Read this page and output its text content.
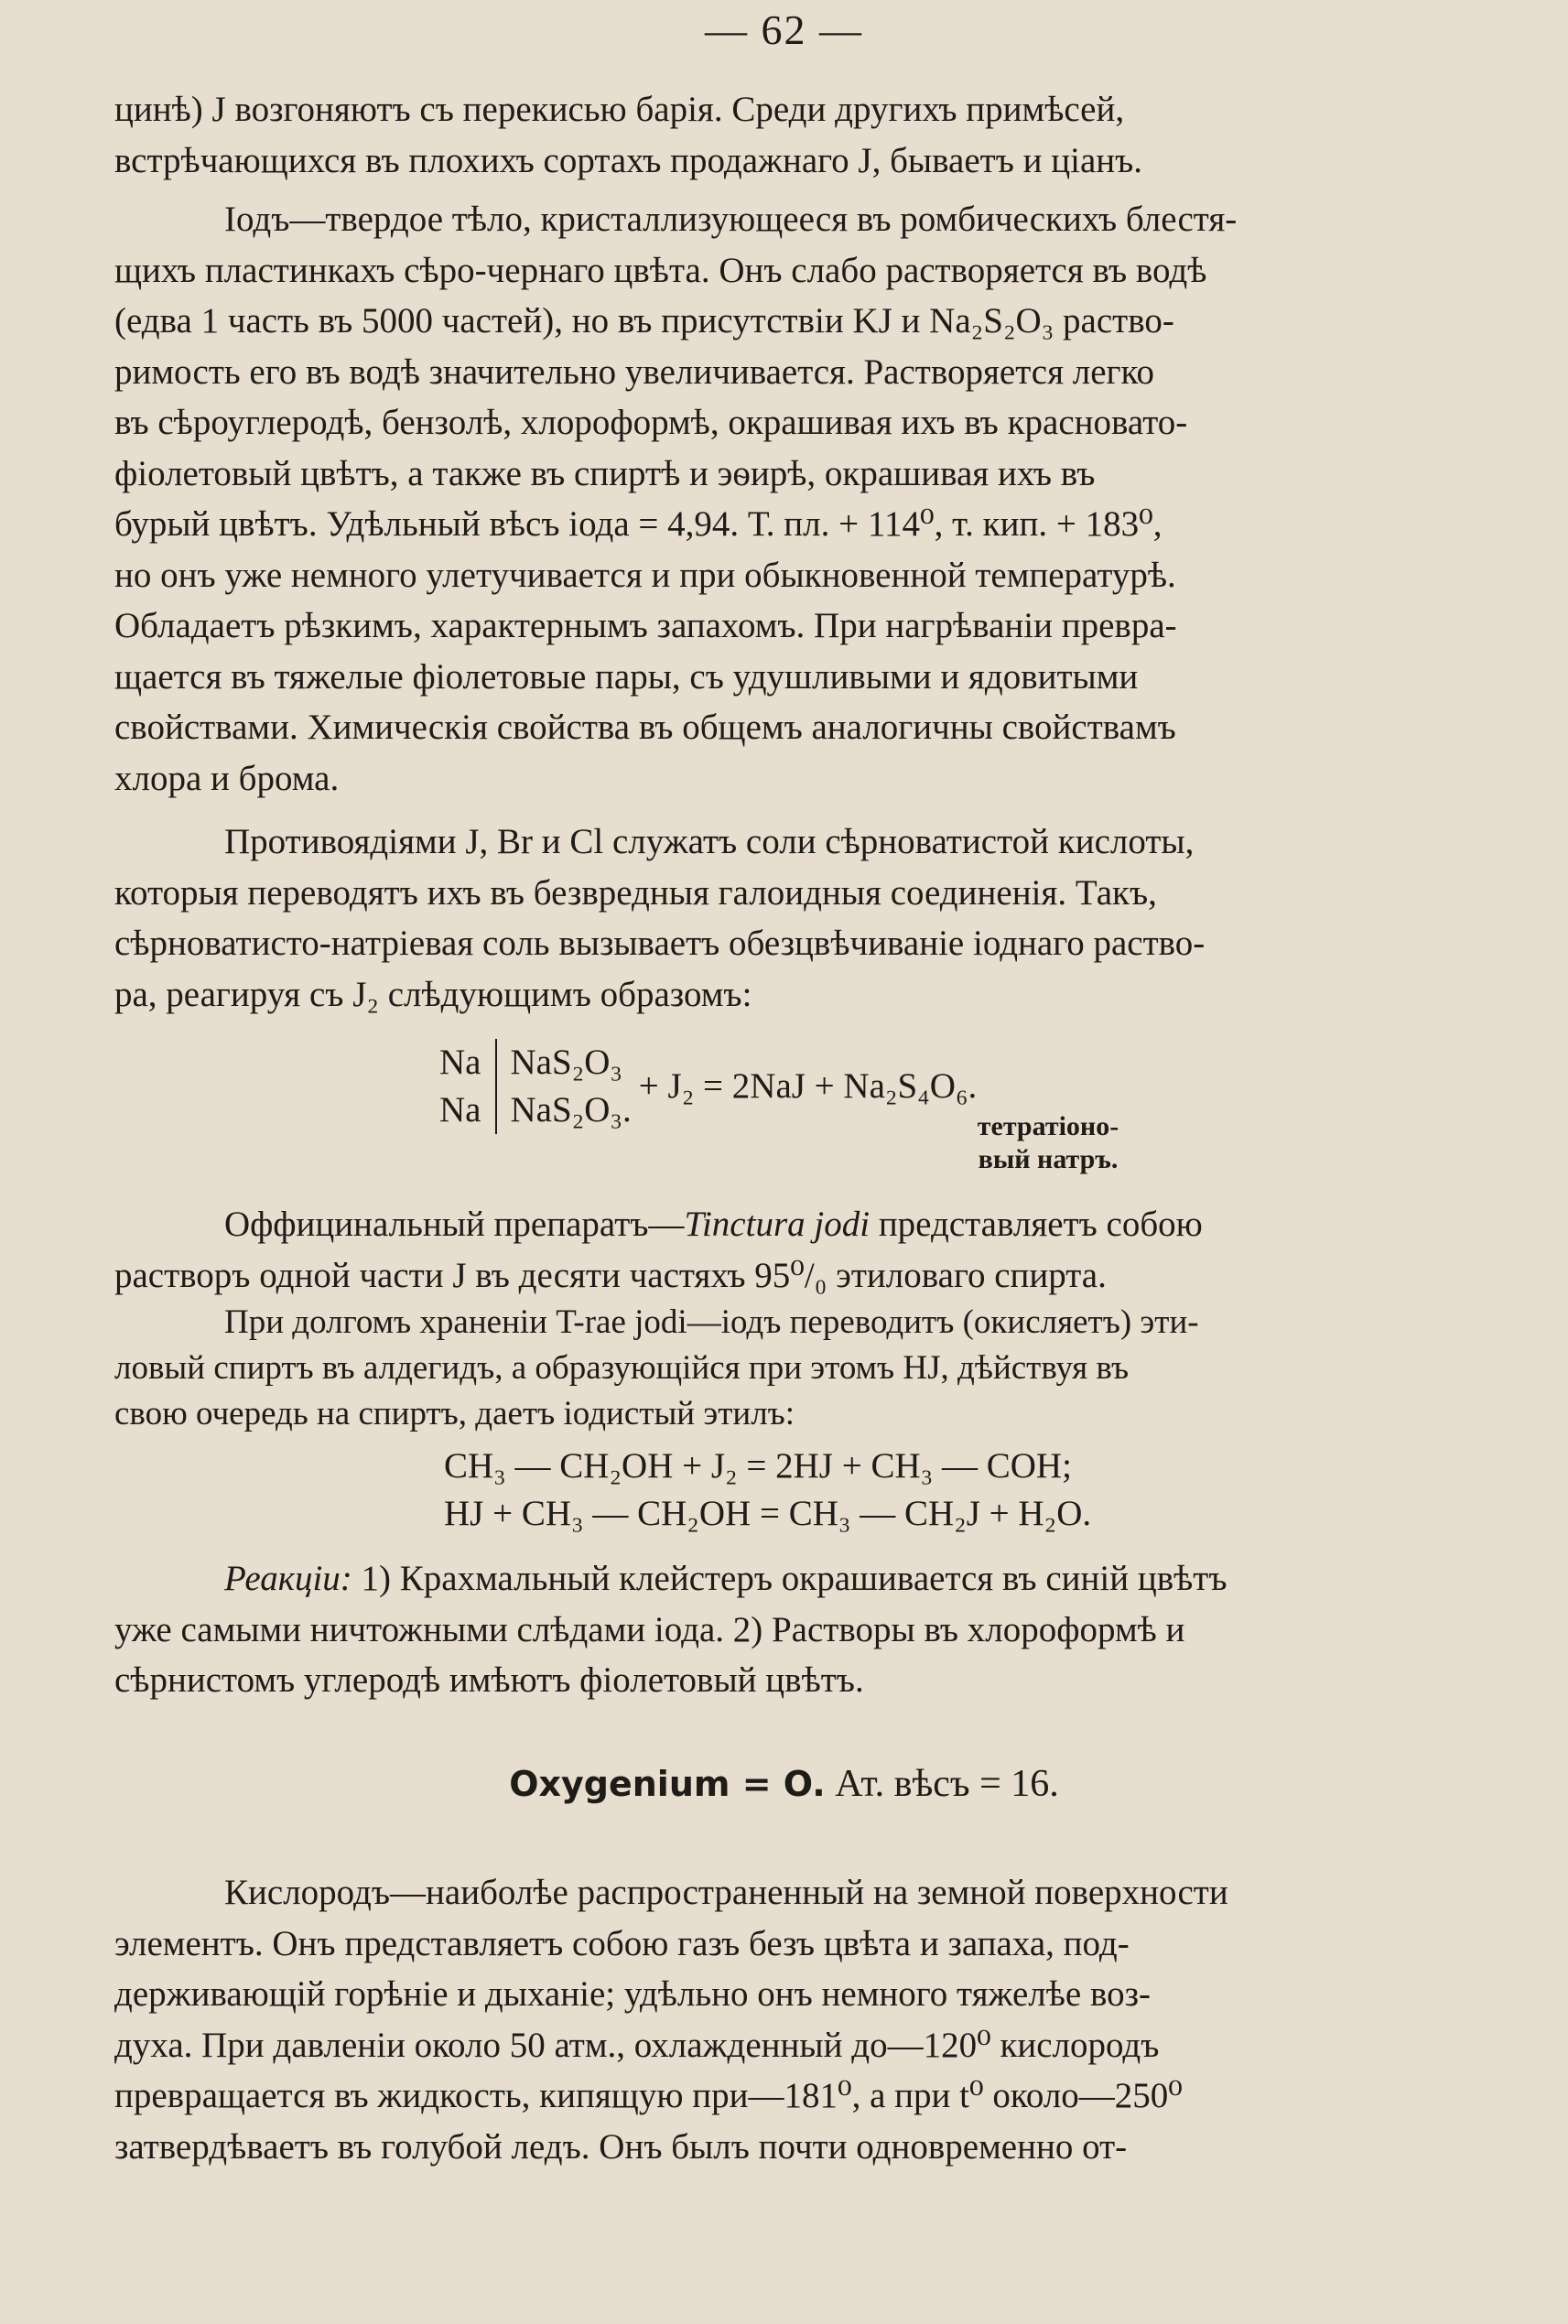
— 62 —

цинѣ) J возгоняютъ съ перекисью барія. Среди другихъ примѣсей,
встрѣчающихся въ плохихъ сортахъ продажнаго J, бываетъ и ціанъ.

Іодъ—твердое тѣло, кристаллизующееся въ ромбическихъ блестя-
щихъ пластинкахъ сѣро-чернаго цвѣта. Онъ слабо растворяется въ водѣ
(едва 1 часть въ 5000 частей), но въ присутствіи KJ и Na₂S₂O₃ раство-
римость его въ водѣ значительно увеличивается. Растворяется легко
въ сѣроуглеродѣ, бензолѣ, хлороформѣ, окрашивая ихъ въ красновато-
фіолетовый цвѣтъ, а также въ спиртѣ и эѳирѣ, окрашивая ихъ въ
бурый цвѣтъ. Удѣльный вѣсъ іода = 4,94. Т. пл. + 114⁰, т. кип. + 183⁰,
но онъ уже немного улетучивается и при обыкновенной температурѣ.
Обладаетъ рѣзкимъ, характернымъ запахомъ. При нагрѣваніи превра-
щается въ тяжелые фіолетовые пары, съ удушливыми и ядовитыми
свойствами. Химическія свойства въ общемъ аналогичны свойствамъ
хлора и брома.

Противоядіями J, Br и Cl служатъ соли сѣрноватистой кислоты,
которыя переводятъ ихъ въ безвредныя галоидныя соединенія. Такъ,
сѣрноватисто-натріевая соль вызываетъ обезцвѣчиваніе іоднаго раство-
ра, реагируя съ J₂ слѣдующимъ образомъ:

Na
Na
NaS₂O₃
NaS₂O₃.
+ J₂ = 2NaJ + Na₂S₄O₆.
тетратіоно-
вый натръ.

Оффицинальный препаратъ—Tinctura jodi представляетъ собою
растворъ одной части J въ десяти частяхъ 95⁰/₀ этиловаго спирта.

При долгомъ храненіи T-rae jodi—іодъ переводитъ (окисляетъ) эти-
ловый спиртъ въ алдегидъ, а образующійся при этомъ HJ, дѣйствуя въ
свою очередь на спиртъ, даетъ іодистый этилъ:

CH₃ — CH₂OH + J₂ = 2HJ + CH₃ — COH;
HJ + CH₃ — CH₂OH = CH₃ — CH₂J + H₂O.

Реакціи: 1) Крахмальный клейстеръ окрашивается въ синій цвѣтъ
уже самыми ничтожными слѣдами іода. 2) Растворы въ хлороформѣ и
сѣрнистомъ углеродѣ имѣютъ фіолетовый цвѣтъ.

Oxygenium = O. Ат. вѣсъ = 16.

Кислородъ—наиболѣе распространенный на земной поверхности
элементъ. Онъ представляетъ собою газъ безъ цвѣта и запаха, под-
держивающій горѣніе и дыханіе; удѣльно онъ немного тяжелѣе воз-
духа. При давленіи около 50 атм., охлажденный до—120⁰ кислородъ
превращается въ жидкость, кипящую при—181⁰, а при t⁰ около—250⁰
затвердѣваетъ въ голубой ледъ. Онъ былъ почти одновременно от-
